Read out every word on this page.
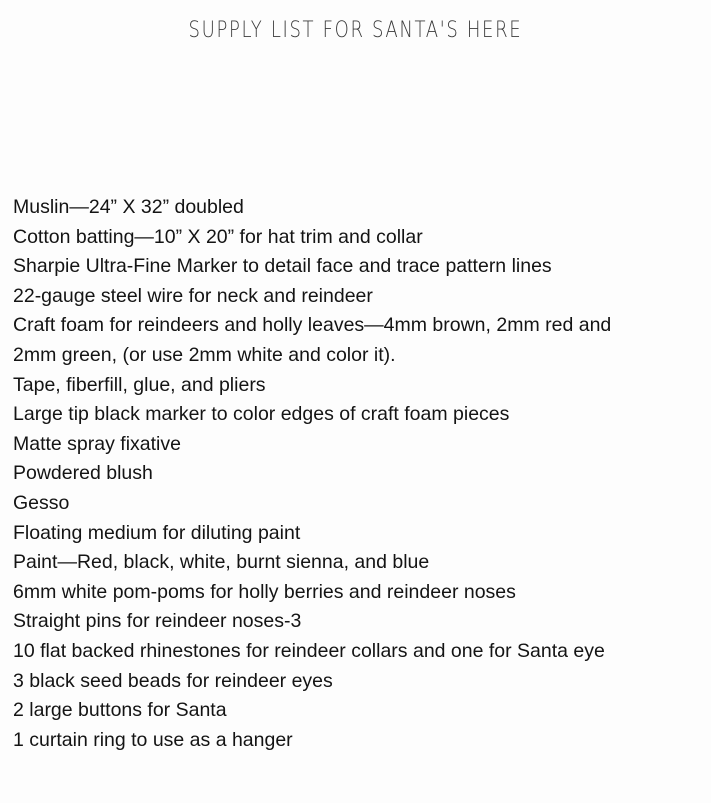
SUPPLY LIST FOR SANTA'S HERE
Muslin—24” X 32” doubled
Cotton batting—10” X 20” for hat trim and collar
Sharpie Ultra-Fine Marker to detail face and trace pattern lines
22-gauge steel wire for neck and reindeer
Craft foam for reindeers and holly leaves—4mm brown, 2mm red and
2mm green, (or use 2mm white and color it).
Tape, fiberfill, glue, and pliers
Large tip black marker to color edges of craft foam pieces
Matte spray fixative
Powdered blush
Gesso
Floating medium for diluting paint
Paint—Red, black, white, burnt sienna, and blue
6mm white pom-poms for holly berries and reindeer noses
Straight pins for reindeer noses-3
10 flat backed rhinestones for reindeer collars and one for Santa eye
3 black seed beads for reindeer eyes
2 large buttons for Santa
1 curtain ring to use as a hanger
